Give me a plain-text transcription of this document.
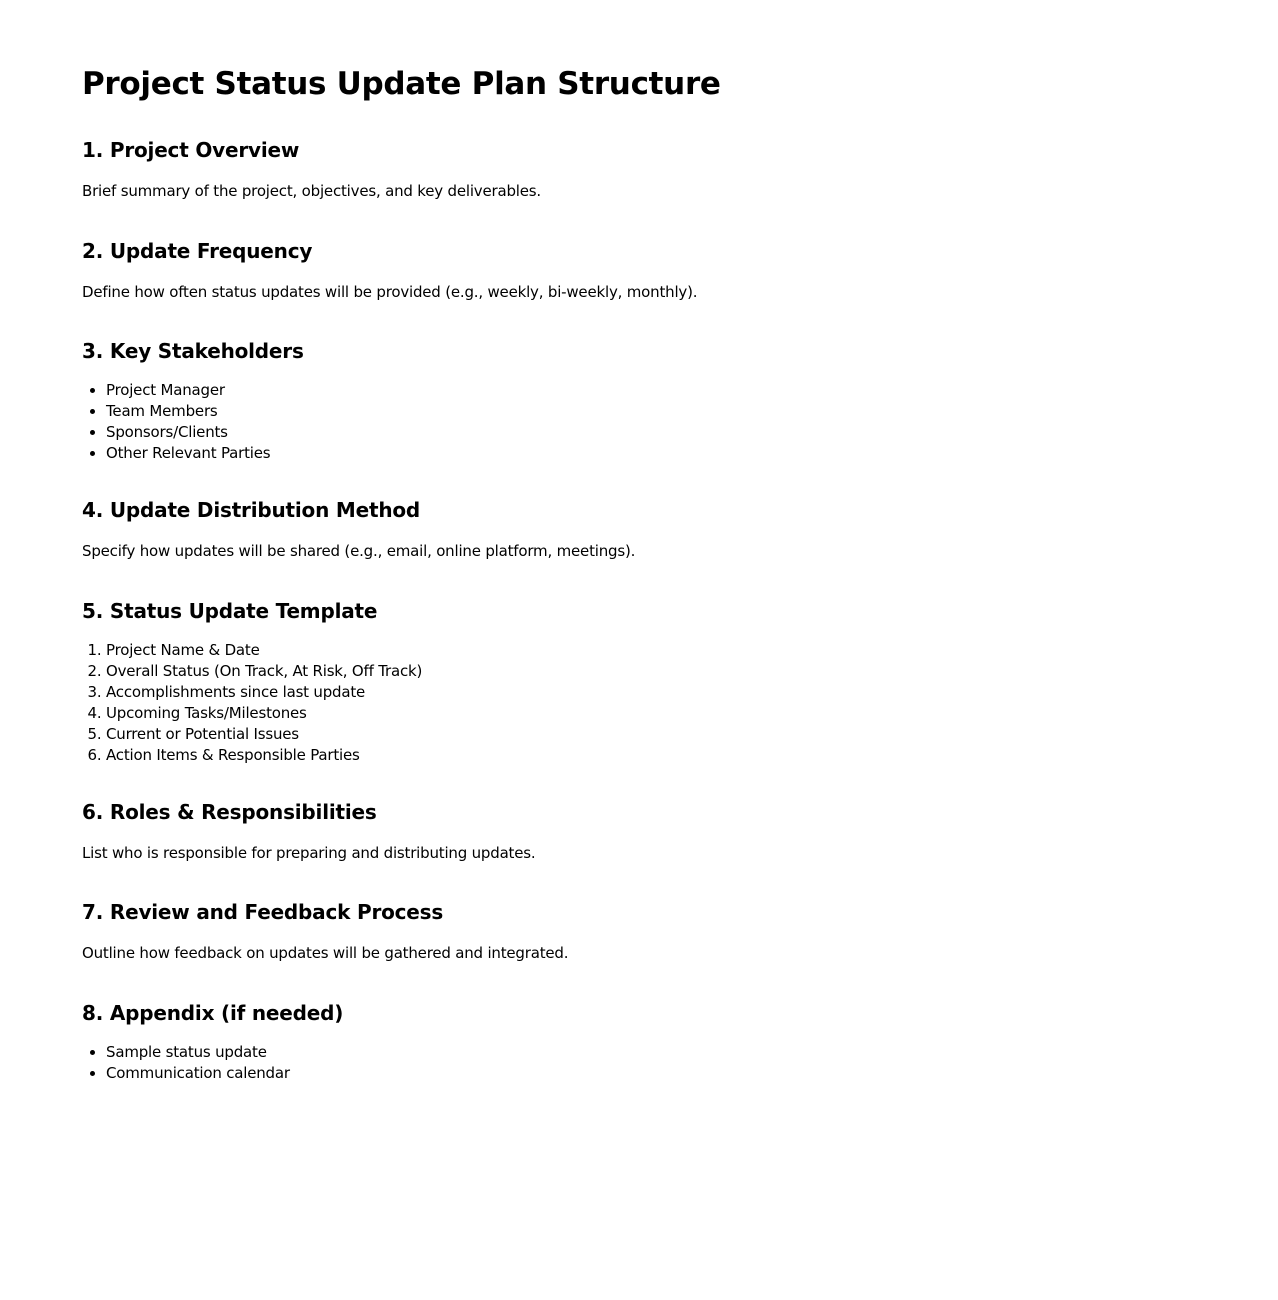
Project Status Update Plan Structure
1. Project Overview

Brief summary of the project, objectives, and key deliverables.

2. Update Frequency

Define how often status updates will be provided (e.g., weekly, bi-weekly, monthly).

3. Key Stakeholders
• Project Manager
• Team Members
• Sponsors/Clients
• Other Relevant Parties
4. Update Distribution Method

Specify how updates will be shared (e.g., email, online platform, meetings).

5. Status Update Template
1. Project Name & Date
2. Overall Status (On Track, At Risk, Off Track)
3. Accomplishments since last update
4. Upcoming Tasks/Milestones
5. Current or Potential Issues
6. Action Items & Responsible Parties
6. Roles & Responsibilities

List who is responsible for preparing and distributing updates.

7. Review and Feedback Process

Outline how feedback on updates will be gathered and integrated.

8. Appendix (if needed)
• Sample status update
• Communication calendar
